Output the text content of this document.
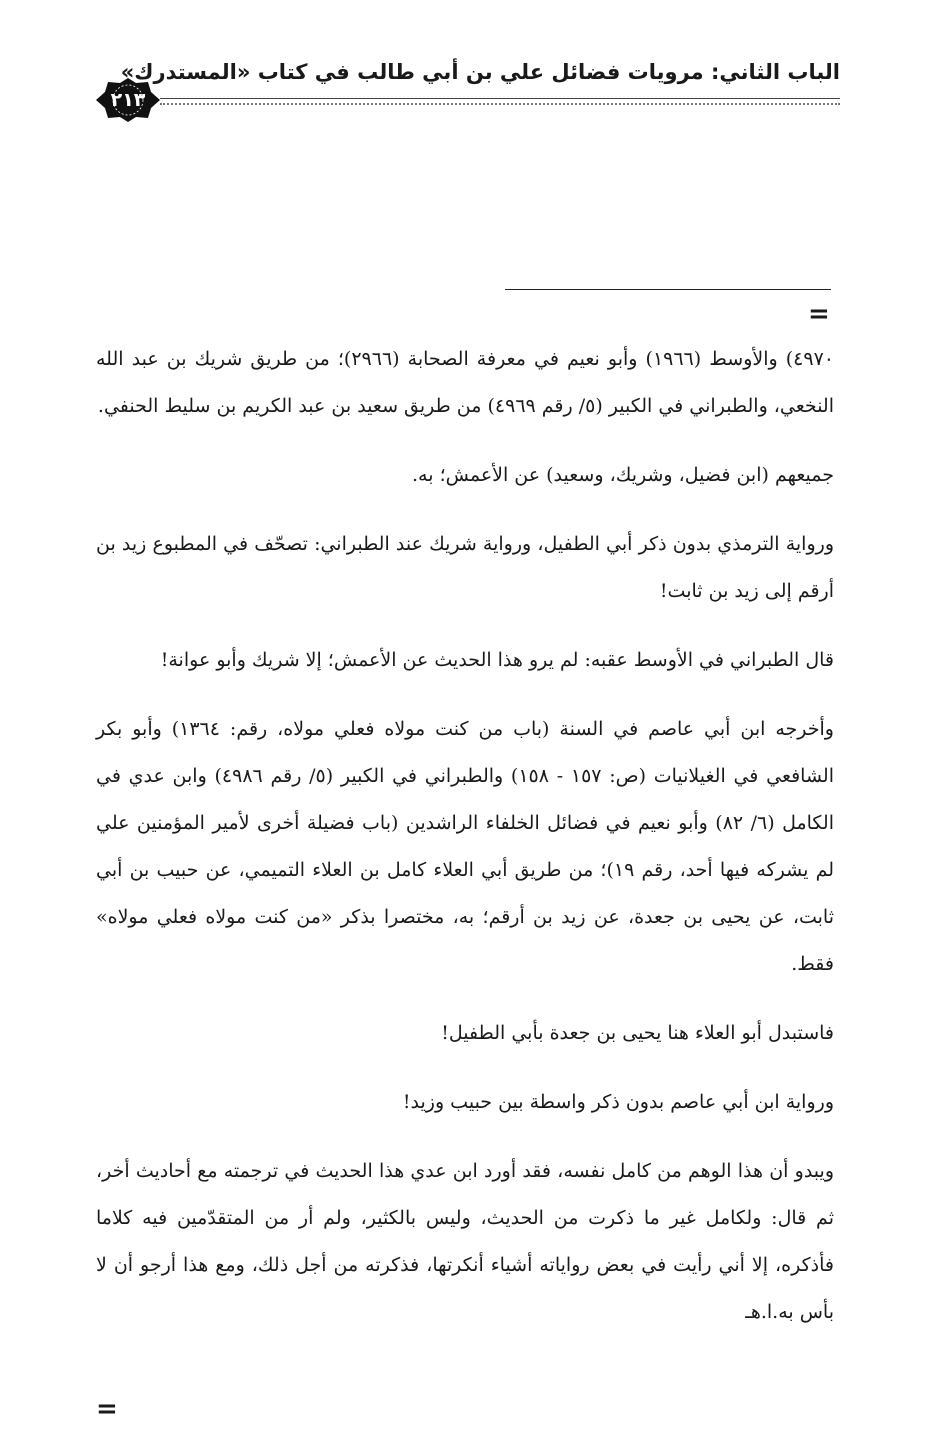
الباب الثاني: مرويات فضائل علي بن أبي طالب في كتاب «المستدرك»
٢١٣
=

٤٩٧٠) والأوسط (١٩٦٦) وأبو نعيم في معرفة الصحابة (٢٩٦٦)؛ من طريق شريك بن عبد الله النخعي، والطبراني في الكبير (٥/ رقم ٤٩٦٩) من طريق سعيد بن عبد الكريم بن سليط الحنفي.

جميعهم (ابن فضيل، وشريك، وسعيد) عن الأعمش؛ به.

ورواية الترمذي بدون ذكر أبي الطفيل، ورواية شريك عند الطبراني: تصحّف في المطبوع زيد بن أرقم إلى زيد بن ثابت!

قال الطبراني في الأوسط عقبه: لم يرو هذا الحديث عن الأعمش؛ إلا شريك وأبو عوانة!

وأخرجه ابن أبي عاصم في السنة (باب من كنت مولاه فعلي مولاه، رقم: ١٣٦٤) وأبو بكر الشافعي في الغيلانيات (ص: ١٥٧ - ١٥٨) والطبراني في الكبير (٥/ رقم ٤٩٨٦) وابن عدي في الكامل (٦/ ٨٢) وأبو نعيم في فضائل الخلفاء الراشدين (باب فضيلة أخرى لأمير المؤمنين علي لم يشركه فيها أحد، رقم ١٩)؛ من طريق أبي العلاء كامل بن العلاء التميمي، عن حبيب بن أبي ثابت، عن يحيى بن جعدة، عن زيد بن أرقم؛ به، مختصرا بذكر «من كنت مولاه فعلي مولاه» فقط.

فاستبدل أبو العلاء هنا يحيى بن جعدة بأبي الطفيل!

ورواية ابن أبي عاصم بدون ذكر واسطة بين حبيب وزيد!

ويبدو أن هذا الوهم من كامل نفسه، فقد أورد ابن عدي هذا الحديث في ترجمته مع أحاديث أخر، ثم قال: ولكامل غير ما ذكرت من الحديث، وليس بالكثير، ولم أر من المتقدّمين فيه كلاما فأذكره، إلا أني رأيت في بعض رواياته أشياء أنكرتها، فذكرته من أجل ذلك، ومع هذا أرجو أن لا بأس به.ا.هـ

=
